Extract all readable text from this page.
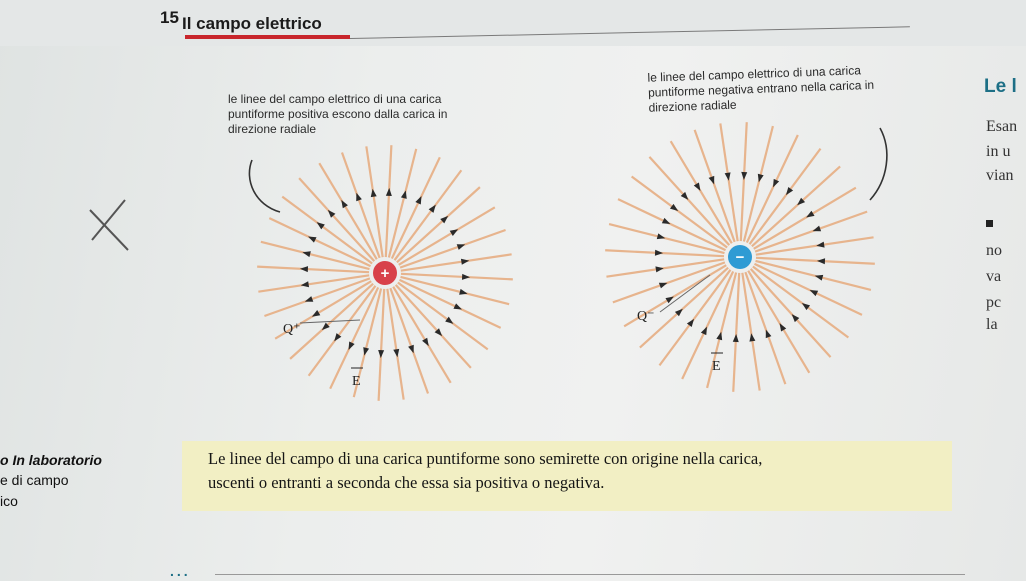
15 Il campo elettrico
le linee del campo elettrico di una carica puntiforme positiva escono dalla carica in direzione radiale
le linee del campo elettrico di una carica puntiforme negativa entrano nella carica in direzione radiale
+
−
Q⁺
Q⁻
E
E
Le l
Esan
in u
vian
no
va
pc
la
o In laboratorio
e di campo
ico
Le linee del campo di una carica puntiforme sono semirette con origine nella carica,
uscenti o entranti a seconda che essa sia positiva o negativa.
...
